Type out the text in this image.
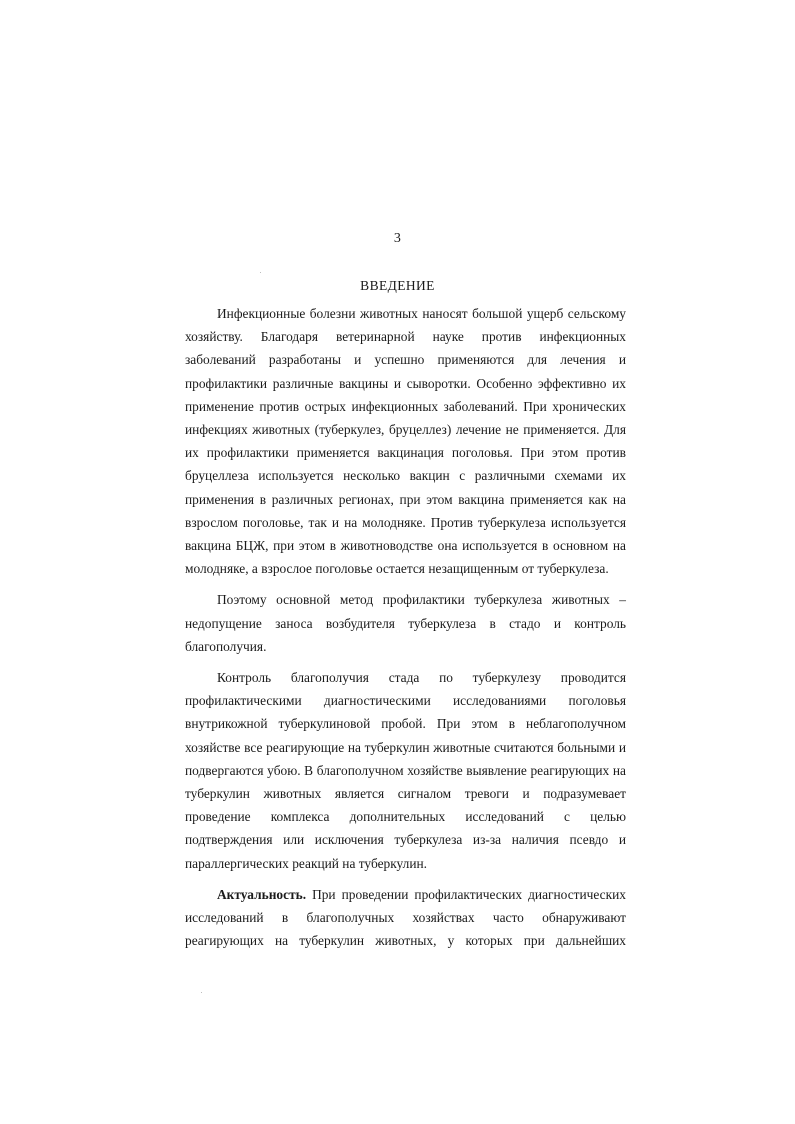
3
ВВЕДЕНИЕ

Инфекционные болезни животных наносят большой ущерб сельскому хозяйству. Благодаря ветеринарной науке против инфекционных заболеваний разработаны и успешно применяются для лечения и профилактики различные вакцины и сыворотки. Особенно эффективно их применение против острых инфекционных заболеваний. При хронических инфекциях животных (туберкулез, бруцеллез) лечение не применяется. Для их профилактики применяется вакцинация поголовья. При этом против бруцеллеза используется несколько вакцин с различными схемами их применения в различных регионах, при этом вакцина применяется как на взрослом поголовье, так и на молодняке. Против туберкулеза используется вакцина БЦЖ, при этом в животноводстве она используется в основном на молодняке, а взрослое поголовье остается незащищенным от туберкулеза.

Поэтому основной метод профилактики туберкулеза животных – недопущение заноса возбудителя туберкулеза в стадо и контроль благополучия.

Контроль благополучия стада по туберкулезу проводится профилактическими диагностическими исследованиями поголовья внутрикожной туберкулиновой пробой. При этом в неблагополучном хозяйстве все реагирующие на туберкулин животные считаются больными и подвергаются убою. В благополучном хозяйстве выявление реагирующих на туберкулин животных является сигналом тревоги и подразумевает проведение комплекса дополнительных исследований с целью подтверждения или исключения туберкулеза из-за наличия псевдо и параллергических реакций на туберкулин.

Актуальность. При проведении профилактических диагностических исследований в благополучных хозяйствах часто обнаруживают реагирующих на туберкулин животных, у которых при дальнейших
